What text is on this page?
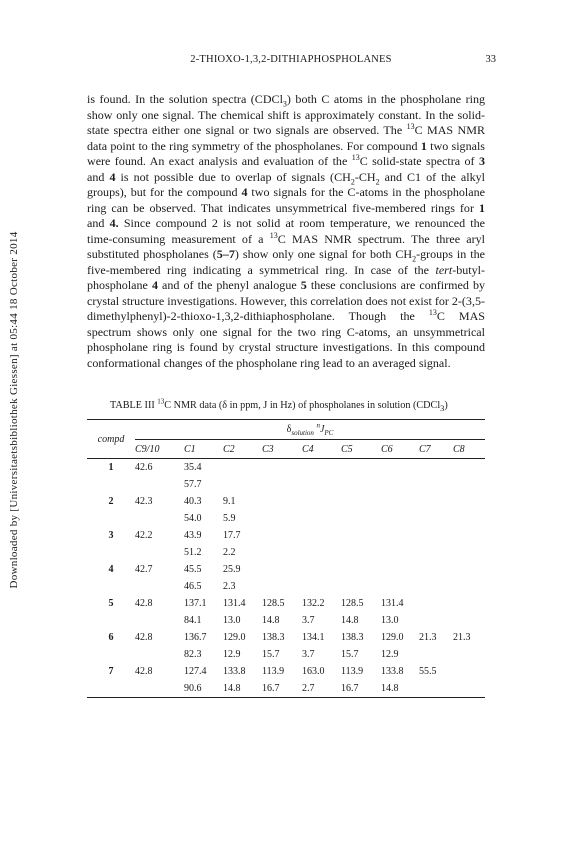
Downloaded by [Universitaetsbibliothek Giessen] at 05:44 18 October 2014
2-THIOXO-1,3,2-DITHIAPHOSPHOLANES	33

is found. In the solution spectra (CDCl$_3$) both C atoms in the phospholane ring show only one signal. The chemical shift is approximately constant. In the solid-state spectra either one signal or two signals are observed. The $^{13}$C MAS NMR data point to the ring symmetry of the phospholanes. For compound 1 two signals were found. An exact analysis and evaluation of the $^{13}$C solid-state spectra of 3 and 4 is not possible due to overlap of signals ($CH_2-CH_2$ and C1 of the alkyl groups), but for the compound 4 two signals for the C-atoms in the phospholane ring can be observed. That indicates unsymmetrical five-membered rings for 1 and 4. Since compound 2 is not solid at room temperature, we renounced the time-consuming measurement of a $^{13}$C MAS NMR spectrum. The three aryl substituted phospholanes (5–7) show only one signal for both $CH_2$-groups in the five-membered ring indicating a symmetrical ring. In case of the tert-butyl-phospholane 4 and of the phenyl analogue 5 these conclusions are confirmed by crystal structure investigations. However, this correlation does not exist for 2-(3,5-dimethylphenyl)-2-thioxo-1,3,2-dithiaphospholane. Though the $^{13}$C MAS spectrum shows only one signal for the two ring C-atoms, an unsymmetrical phospholane ring is found by crystal structure investigations. In this compound conformational changes of the phospholane ring lead to an averaged signal.

TABLE III $^{13}$C NMR data (δ in ppm, J in Hz) of phospholanes in solution (CDCl$_3$)
compd	$\delta_{solution}$ $^nJ_{PC}$
	C9/10	C1	C2	C3	C4	C5	C6	C7	C8
1	42.6	35.4							
		57.7							
2	42.3	40.3	9.1						
		54.0	5.9						
3	42.2	43.9	17.7						
		51.2	2.2						
4	42.7	45.5	25.9						
		46.5	2.3						
5	42.8	137.1	131.4	128.5	132.2	128.5	131.4		
		84.1	13.0	14.8	3.7	14.8	13.0		
6	42.8	136.7	129.0	138.3	134.1	138.3	129.0	21.3	21.3
		82.3	12.9	15.7	3.7	15.7	12.9		
7	42.8	127.4	133.8	113.9	163.0	113.9	133.8	55.5	
		90.6	14.8	16.7	2.7	16.7	14.8		
